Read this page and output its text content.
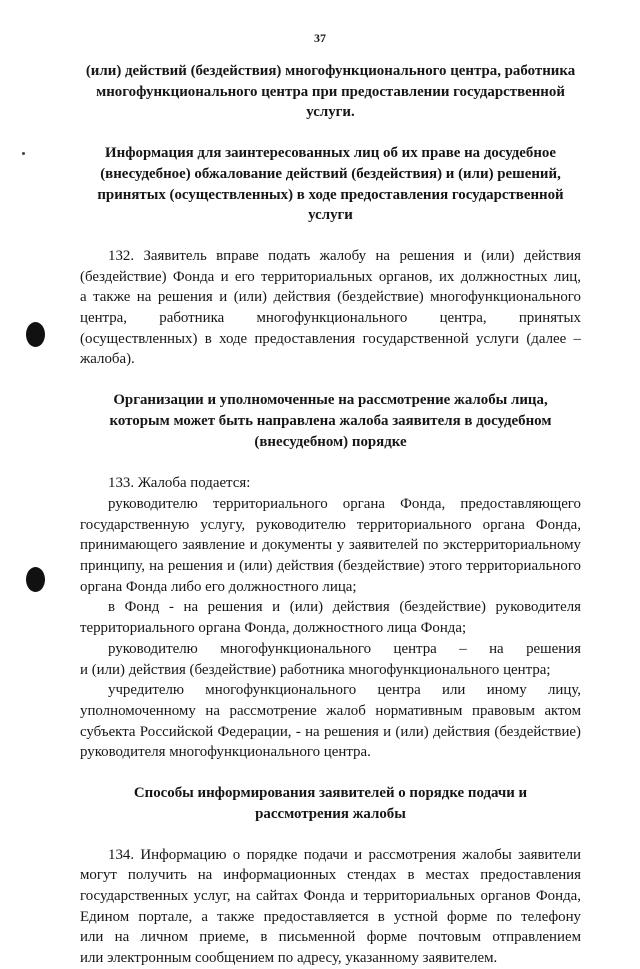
37
(или) действий (бездействия) многофункционального центра, работника
многофункционального центра при предоставлении государственной
услуги.
Информация для заинтересованных лиц об их праве на досудебное
(внесудебное) обжалование действий (бездействия) и (или) решений,
принятых (осуществленных) в ходе предоставления государственной
услуги
132. Заявитель вправе подать жалобу на решения и (или) действия
(бездействие) Фонда и его территориальных органов, их должностных лиц,
а также на решения и (или) действия (бездействие) многофункционального
центра, работника многофункционального центра, принятых
(осуществленных) в ходе предоставления государственной услуги (далее –
жалоба).
Организации и уполномоченные на рассмотрение жалобы лица,
которым может быть направлена жалоба заявителя в досудебном
(внесудебном) порядке
133. Жалоба подается:
руководителю территориального органа Фонда, предоставляющего
государственную услугу, руководителю территориального органа Фонда,
принимающего заявление и документы у заявителей по экстерриториальному
принципу, на решения и (или) действия (бездействие) этого территориального
органа Фонда либо его должностного лица;
в Фонд - на решения и (или) действия (бездействие) руководителя
территориального органа Фонда, должностного лица Фонда;
руководителю многофункционального центра – на решения
и (или) действия (бездействие) работника многофункционального центра;
учредителю многофункционального центра или иному лицу,
уполномоченному на рассмотрение жалоб нормативным правовым актом
субъекта Российской Федерации, - на решения и (или) действия (бездействие)
руководителя многофункционального центра.
Способы информирования заявителей о порядке подачи и
рассмотрения жалобы
134. Информацию о порядке подачи и рассмотрения жалобы заявители
могут получить на информационных стендах в местах предоставления
государственных услуг, на сайтах Фонда и территориальных органов Фонда,
Едином портале, а также предоставляется в устной форме по телефону
или на личном приеме, в письменной форме почтовым отправлением
или электронным сообщением по адресу, указанному заявителем.
